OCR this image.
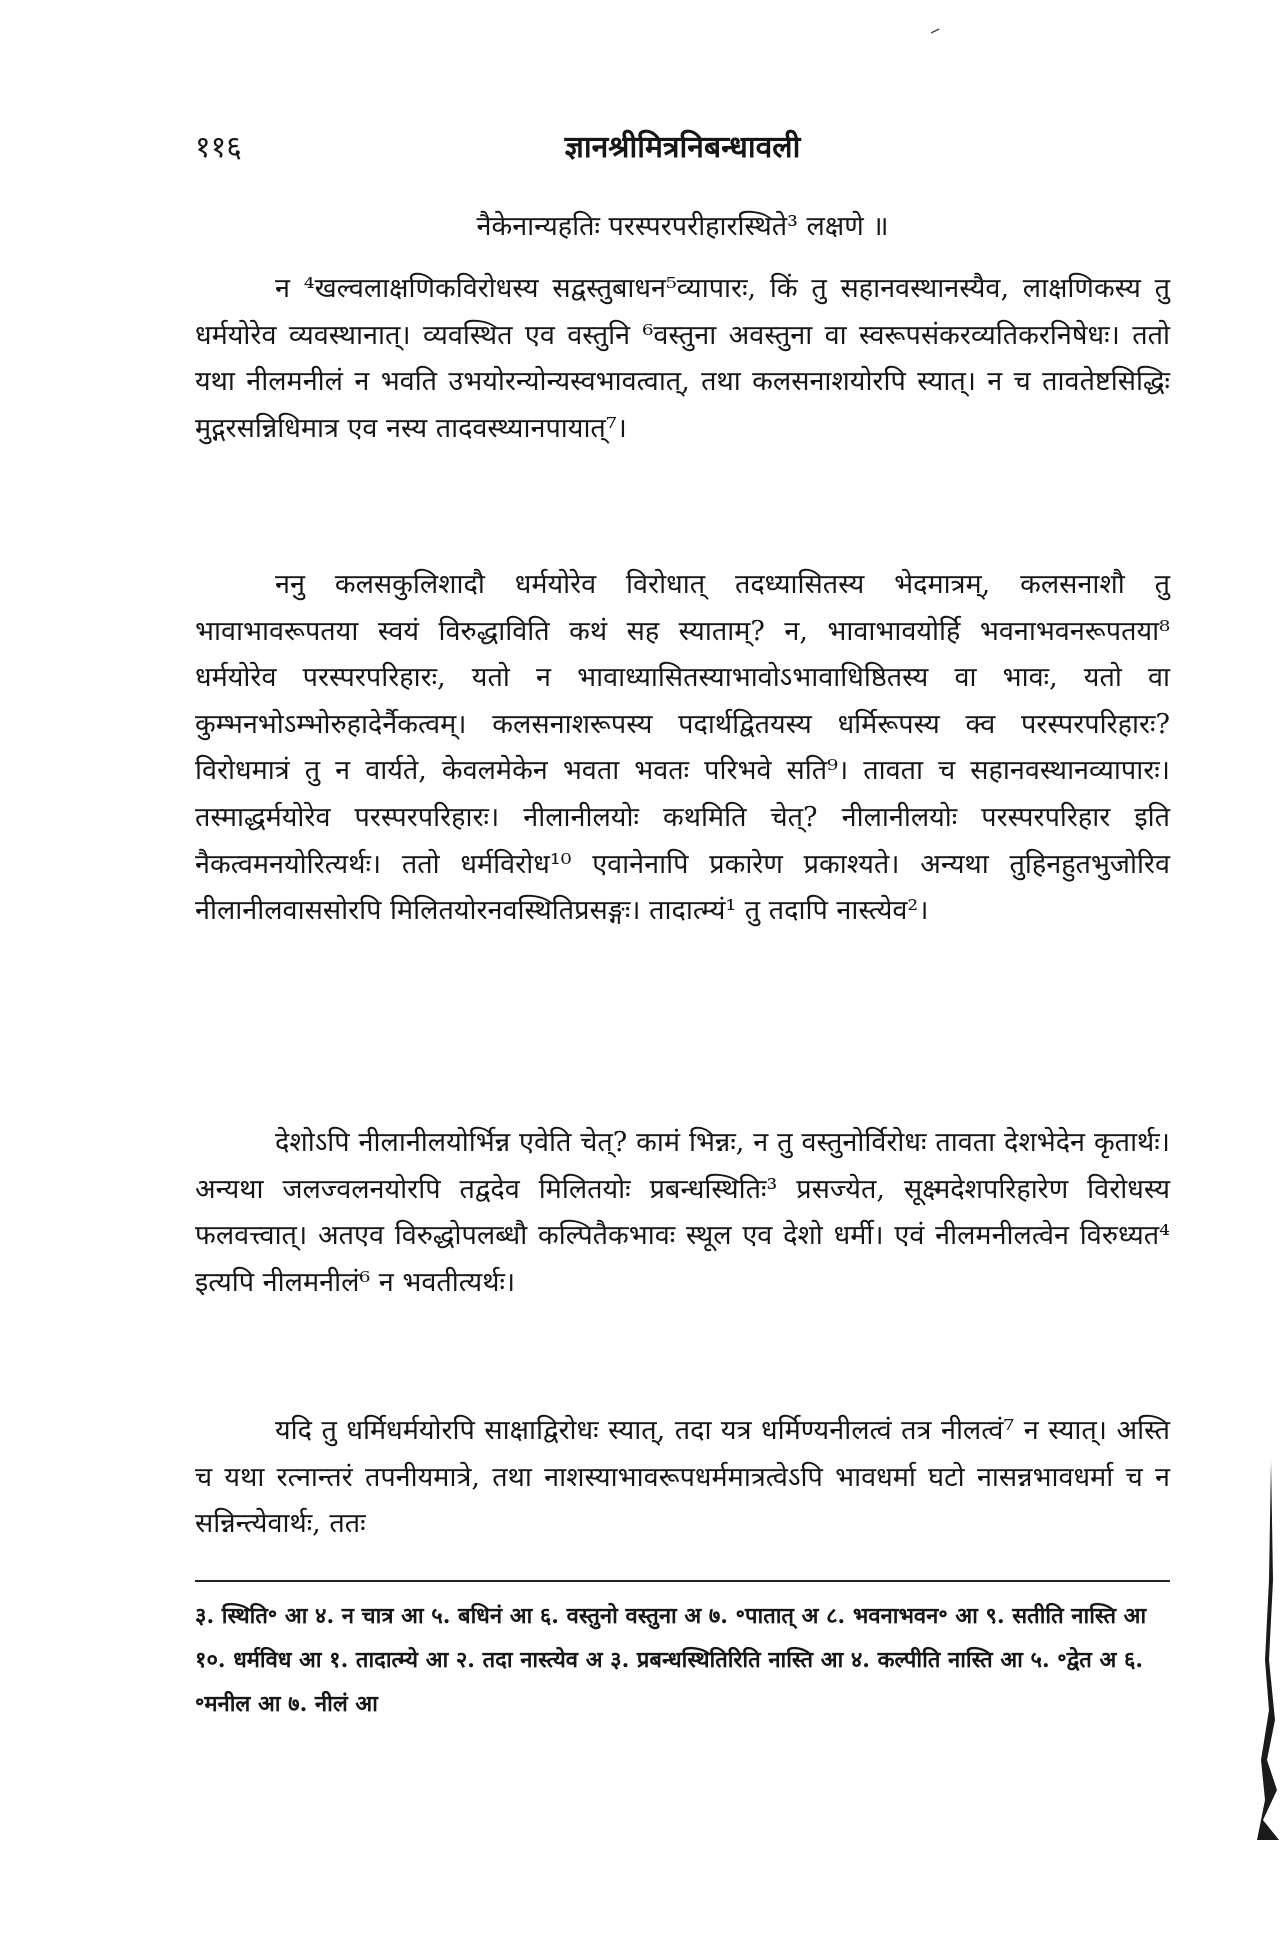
ज्ञानश्रीमित्रनिबन्धावली
११६
नैकेनान्यहतिः परस्परपरीहारस्थिते³ लक्षणे ॥

न ⁴खल्वलाक्षणिकविरोधस्य सद्वस्तुबाधन⁵व्यापारः, किं तु सहानवस्थानस्यैव, लाक्षणिकस्य तु धर्मयोरेव व्यवस्थानात्। व्यवस्थित एव वस्तुनि ⁶वस्तुना अवस्तुना वा स्वरूपसंकरव्यतिकरनिषेधः। ततो यथा नीलमनीलं न भवति उभयोरन्योन्यस्वभावत्वात्, तथा कलसनाशयोरपि स्यात्। न च तावतेष्टसिद्धिः मुद्गरसन्निधिमात्र एव नस्य तादवस्थ्यानपायात्⁷।

ननु कलसकुलिशादौ धर्मयोरेव विरोधात् तदध्यासितस्य भेदमात्रम्, कलसनाशौ तु भावाभावरूपतया स्वयं विरुद्धाविति कथं सह स्याताम्? न, भावाभावयोर्हि भवनाभवनरूपतया⁸ धर्मयोरेव परस्परपरिहारः, यतो न भावाध्यासितस्याभावोऽभावाधिष्ठितस्य वा भावः, यतो वा कुम्भनभोऽम्भोरुहादेर्नैकत्वम्। कलसनाशरूपस्य पदार्थद्वितयस्य धर्मिरूपस्य क्व परस्परपरिहारः? विरोधमात्रं तु न वार्यते, केवलमेकेन भवता भवतः परिभवे सति⁹। तावता च सहानवस्थानव्यापारः। तस्माद्धर्मयोरेव परस्परपरिहारः। नीलानीलयोः कथमिति चेत्? नीलानीलयोः परस्परपरिहार इति नैकत्वमनयोरित्यर्थः। ततो धर्मविरोध¹⁰ एवानेनापि प्रकारेण प्रकाश्यते। अन्यथा तुहिनहुतभुजोरिव नीलानीलवाससोरपि मिलितयोरनवस्थितिप्रसङ्गः। तादात्म्यं¹ तु तदापि नास्त्येव²।

देशोऽपि नीलानीलयोर्भिन्न एवेति चेत्? कामं भिन्नः, न तु वस्तुनोर्विरोधः तावता देशभेदेन कृतार्थः। अन्यथा जलज्वलनयोरपि तद्वदेव मिलितयोः प्रबन्धस्थितिः³ प्रसज्येत, सूक्ष्मदेशपरिहारेण विरोधस्य फलवत्त्वात्। अतएव विरुद्धोपलब्धौ कल्पितैकभावः स्थूल एव देशो धर्मी। एवं नीलमनीलत्वेन विरुध्यत⁴ इत्यपि नीलमनीलं⁶ न भवतीत्यर्थः।

यदि तु धर्मिधर्मयोरपि साक्षाद्विरोधः स्यात्, तदा यत्र धर्मिण्यनीलत्वं तत्र नीलत्वं⁷ न स्यात्। अस्ति च यथा रत्नान्तरं तपनीयमात्रे, तथा नाशस्याभावरूपधर्ममात्रत्वेऽपि भावधर्मा घटो नासन्नभावधर्मा च न सन्निन्त्येवार्थः, ततः

३. स्थिति॰ आ ४. न चात्र आ ५. बधिनं आ ६. वस्तुनो वस्तुना अ ७. ॰पातात् अ ८. भवनाभवन॰ आ ९. सतीति नास्ति आ १०. धर्मविध आ १. तादात्म्ये आ २. तदा नास्त्येव अ ३. प्रबन्धस्थितिरिति नास्ति आ ४. कल्पीति नास्ति आ ५. ॰द्वेत अ ६. ॰मनील आ ७. नीलं आ
